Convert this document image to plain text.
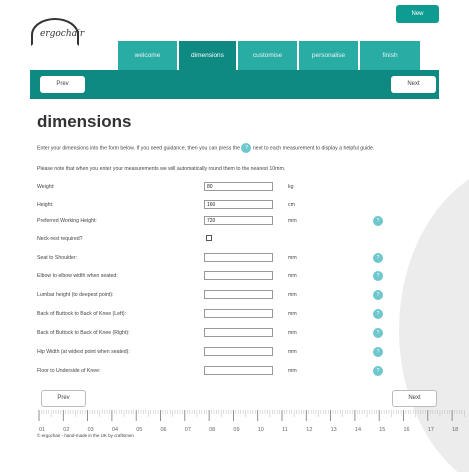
New
ergochair
welcome	dimensions	customise	personalise	finish
Prev	Next
dimensions

Enter your dimensions into the form below. If you need guidance, then you can press the ? next to each measurement to display a helpful guide.

Please note that when you enter your measurements we will automatically round them to the nearest 10mm.

Weight:
80	kg
Height:
160	cm
Preferred Working Height:
720	mm	?
Neck-rest required?
Seat to Shoulder:	mm	?
Elbow to elbow width when seated:	mm	?
Lumbar height (to deepest point):	mm	?
Back of Buttock to Back of Knee (Left):	mm	?
Back of Buttock to Back of Knee (Right):	mm	?
Hip Width (at widest point when seated):	mm	?
Floor to Underside of Knee:	mm	?
Prev	Next
01	02	03	04	05	06	07	08	09	10	11	12	13	14	15	16	17	18
© ergochair - hand-made in the UK by craftsmen
